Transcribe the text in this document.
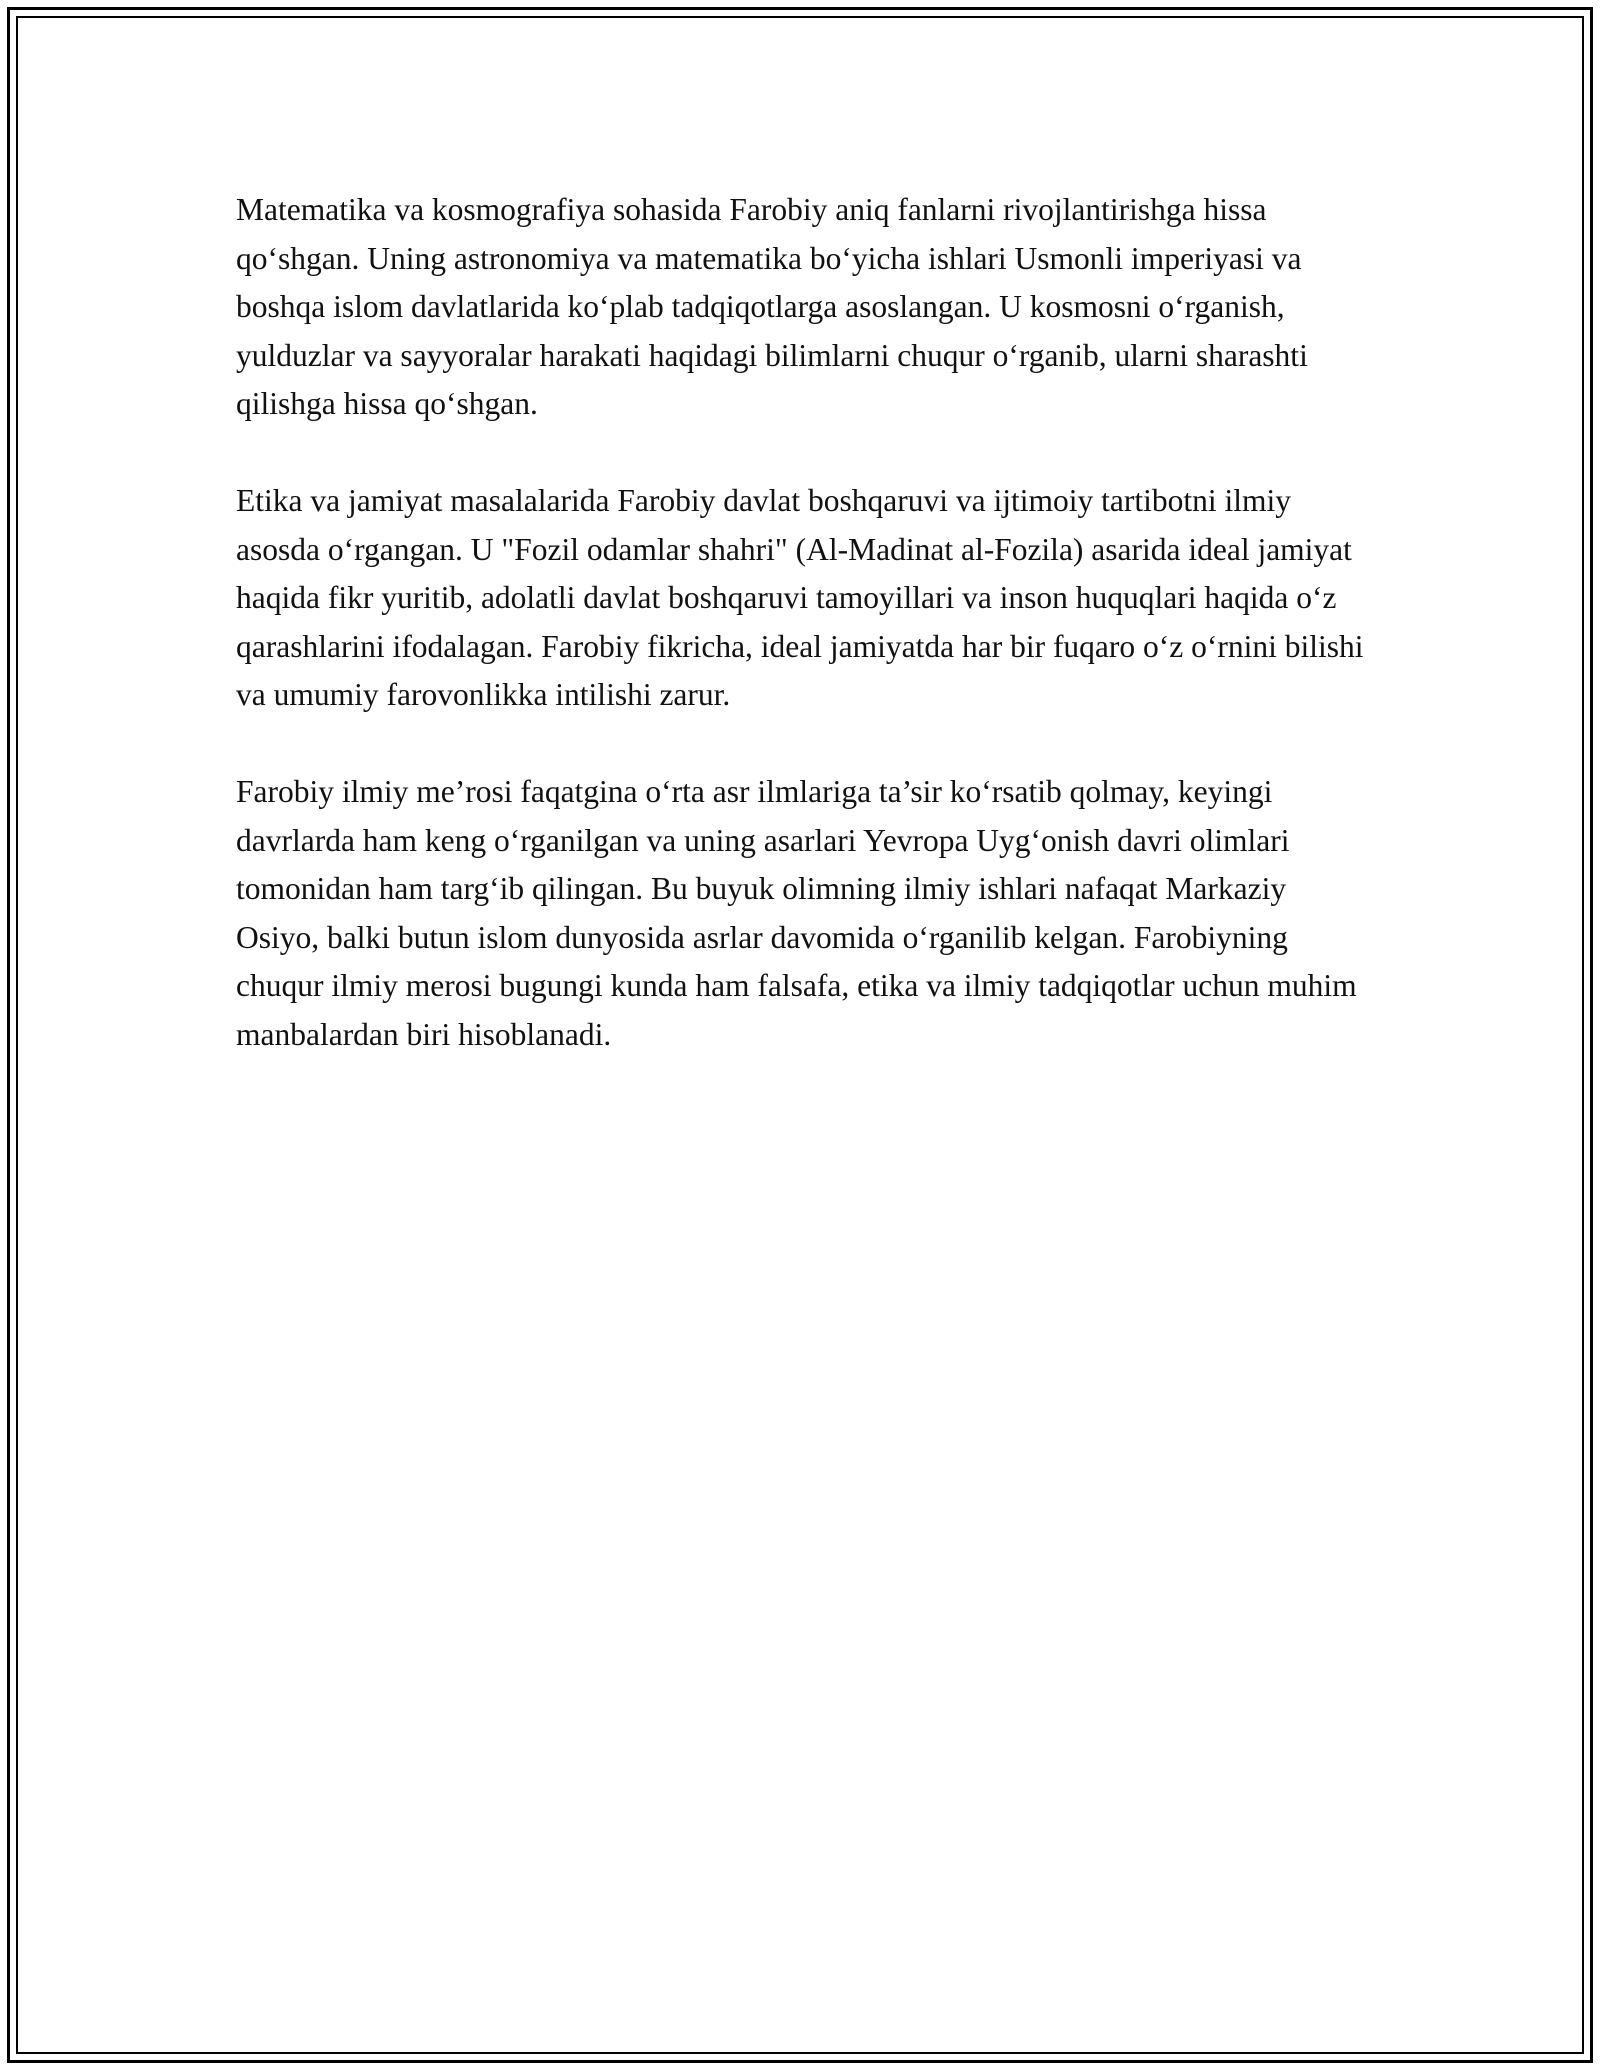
Matematika va kosmografiya sohasida Farobiy aniq fanlarni rivojlantirishga hissa qo‘shgan. Uning astronomiya va matematika bo‘yicha ishlari Usmonli imperiyasi va boshqa islom davlatlarida ko‘plab tadqiqotlarga asoslangan. U kosmosni o‘rganish, yulduzlar va sayyoralar harakati haqidagi bilimlarni chuqur o‘rganib, ularni sharashti qilishga hissa qo‘shgan.

Etika va jamiyat masalalarida Farobiy davlat boshqaruvi va ijtimoiy tartibotni ilmiy asosda o‘rgangan. U "Fozil odamlar shahri" (Al-Madinat al-Fozila) asarida ideal jamiyat haqida fikr yuritib, adolatli davlat boshqaruvi tamoyillari va inson huquqlari haqida o‘z qarashlarini ifodalagan. Farobiy fikricha, ideal jamiyatda har bir fuqaro o‘z o‘rnini bilishi va umumiy farovonlikka intilishi zarur.

Farobiy ilmiy me’rosi faqatgina o‘rta asr ilmlariga ta’sir ko‘rsatib qolmay, keyingi davrlarda ham keng o‘rganilgan va uning asarlari Yevropa Uyg‘onish davri olimlari tomonidan ham targ‘ib qilingan. Bu buyuk olimning ilmiy ishlari nafaqat Markaziy Osiyo, balki butun islom dunyosida asrlar davomida o‘rganilib kelgan. Farobiyning chuqur ilmiy merosi bugungi kunda ham falsafa, etika va ilmiy tadqiqotlar uchun muhim manbalardan biri hisoblanadi.
